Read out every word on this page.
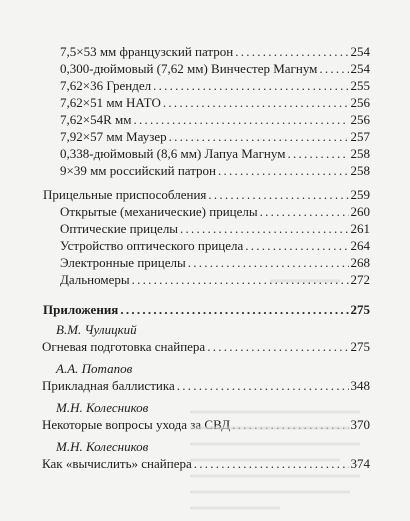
7,5×53 мм французский патрон . . .	254
0,300-дюймовый (7,62 мм) Винчестер Магнум . . .	254
7,62×36 Грендел . . .	255
7,62×51 мм НАТО . . .	256
7,62×54R мм . . .	256
7,92×57 мм Маузер . . .	257
0,338-дюймовый (8,6 мм) Лапуа Магнум . . .	258
9×39 мм российский патрон . . .	258
Прицельные приспособления . . .	259
Открытые (механические) прицелы . . .	260
Оптические прицелы . . .	261
Устройство оптического прицела . . .	264
Электронные прицелы . . .	268
Дальномеры . . .	272
Приложения . . .	275
В.М. Чулицкий
Огневая подготовка снайпера . . .	275
А.А. Потапов
Прикладная баллистика . . .	348
М.Н. Колесников
Некоторые вопросы ухода за СВД . . .	370
М.Н. Колесников
Как «вычислить» снайпера . . .	374
